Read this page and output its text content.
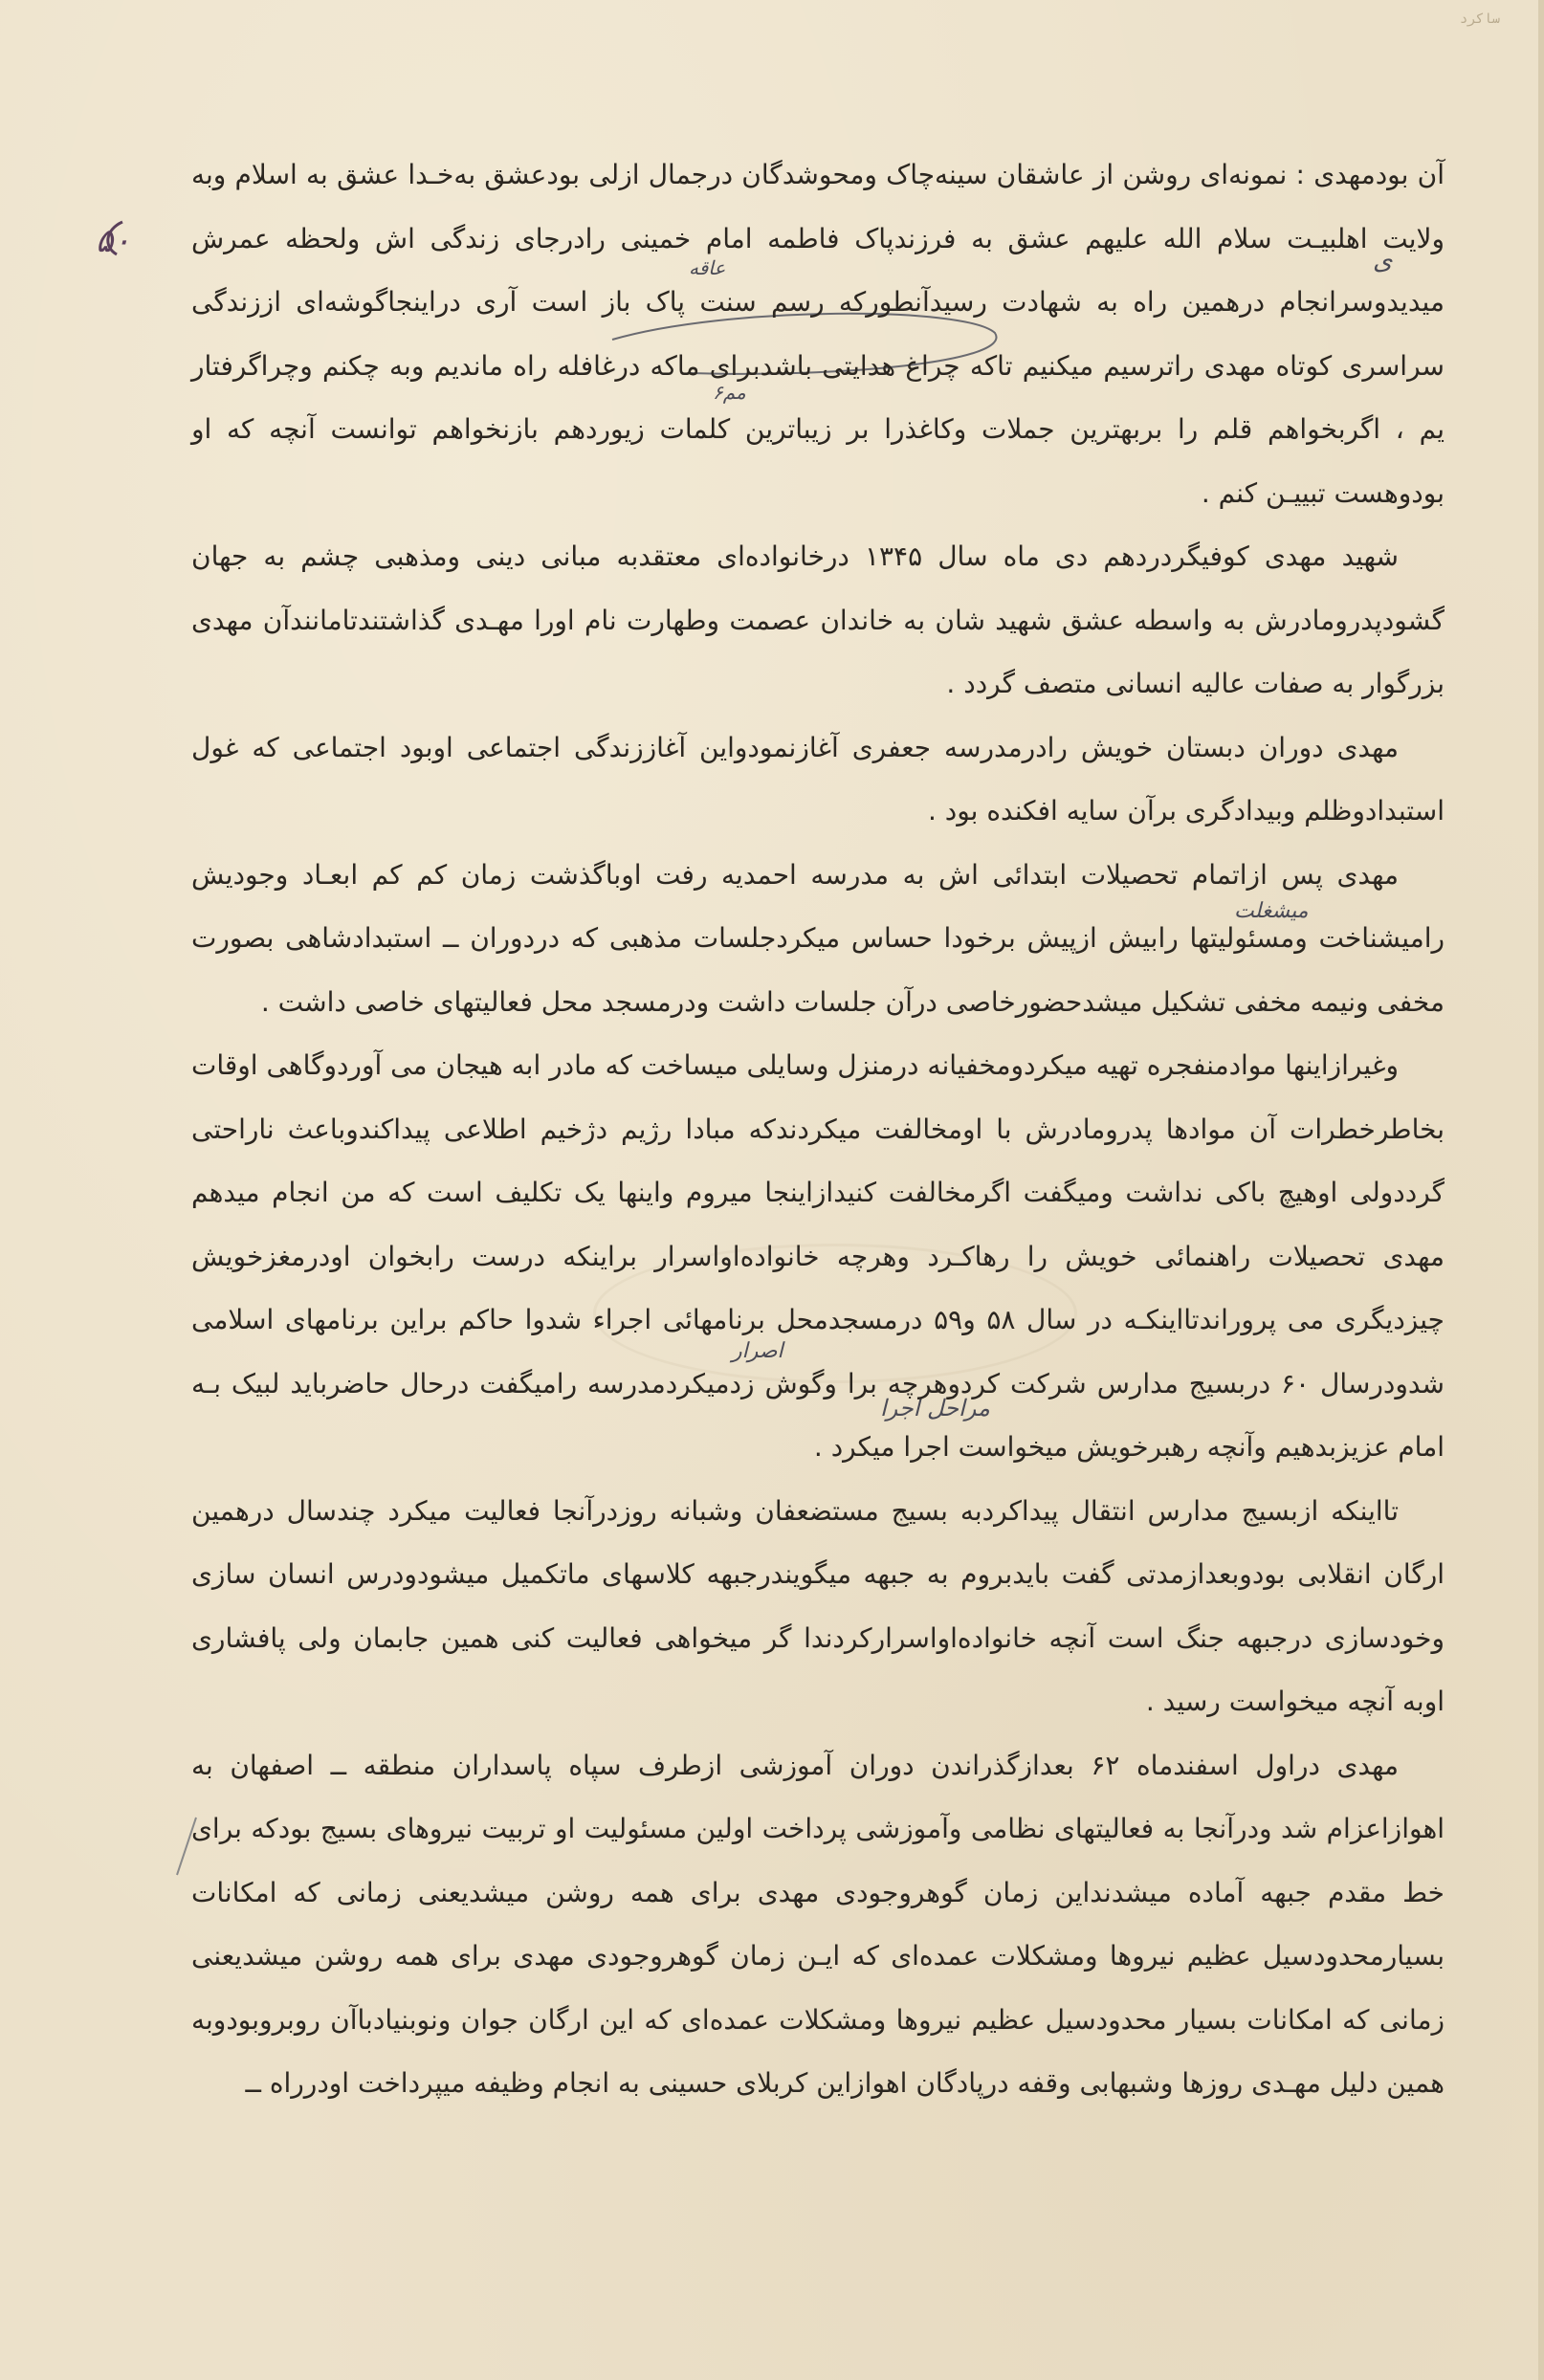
ساکرد
۵۰
ی
عاقه
۶مم
میشغلت
اصرار
مراحل اجرا

آن بودمهدی : نمونه‌ای روشن از عاشقان سینه‌چاک ومحوشدگان درجمال ازلی بودعشق به‌خـدا عشق به اسلام وبه ولایت اهلبیـت سلام الله علیهم عشق به فرزندپاک فاطمه امام خمینی رادرجای زندگی اش ولحظه عمرش میدیدوسرانجام درهمین راه به شهادت رسیدآنطورکه رسم سنت پاک باز است آری دراینجاگوشه‌ای اززندگی سراسری کوتاه مهدی راترسیم میکنیم تاکه چراغ هدایتی باشدبرای ماکه درغافله راه ماندیم وبه چکنم وچراگرفتار یم ، اگربخواهم قلم را بربهترین جملات وکاغذرا بر زیباترین کلمات زیوردهم بازنخواهم توانست آنچه که او بودوهست تبییـن کنم .

شهید مهدی کوفیگردردهم دی ماه سال ۱۳۴۵ درخانواده‌ای معتقدبه مبانی دینی ومذهبی چشم به جهان گشودپدرومادرش به واسطه عشق شهید شان به خاندان عصمت وطهارت نام اورا مهـدی گذاشتندتامانندآن مهدی بزرگوار به صفات عالیه انسانی متصف گردد .

مهدی دوران دبستان خویش رادرمدرسه جعفری آغازنمودواین آغاززندگی اجتماعی اوبود اجتماعی که غول استبدادوظلم وبیدادگری برآن سایه افکنده بود .

مهدی پس ازاتمام تحصیلات ابتدائی اش به مدرسه احمدیه رفت اوباگذشت زمان کم کم ابعـاد وجودیش رامیشناخت ومسئولیتها رابیش ازپیش برخودا حساس میکردجلسات مذهبی که دردوران ــ استبدادشاهی بصورت مخفی ونیمه مخفی تشکیل میشدحضورخاصی درآن جلسات داشت ودرمسجد محل فعالیتهای خاصی داشت .

وغیرازاینها موادمنفجره تهیه میکردومخفیانه درمنزل وسایلی میساخت که مادر ابه هیجان می آوردوگاهی اوقات بخاطرخطرات آن موادها پدرومادرش با اومخالفت میکردندکه مبادا رژیم دژخیم اطلاعی پیداکندوباعث ناراحتی گرددولی اوهیچ باکی نداشت ومیگفت اگرمخالفت کنیدازاینجا میروم واینها یک تکلیف است که من انجام میدهم مهدی تحصیلات راهنمائی خویش را رهاکـرد وهرچه خانواده‌اواسرار براینکه درست رابخوان اودرمغزخویش چیزدیگری می پروراندتااینکـه در سال ۵۸ و۵۹ درمسجدمحل برنامهائی اجراء شدوا حاکم براین برنامهای اسلامی شدودرسال ۶۰ دربسیج مدارس شرکت کردوهرچه برا وگوش زدمیکردمدرسه رامیگفت درحال حاضرباید لبیک بـه امام عزیزبدهیم وآنچه رهبرخویش میخواست اجرا میکرد .

تااینکه ازبسیج مدارس انتقال پیداکردبه بسیج مستضعفان وشبانه روزدرآنجا فعالیت میکرد چندسال درهمین ارگان انقلابی بودوبعدازمدتی گفت بایدبروم به جبهه میگویندرجبهه کلاسهای ماتکمیل میشودودرس انسان سازی وخودسازی درجبهه جنگ است آنچه خانواده‌اواسرارکردندا گر میخواهی فعالیت کنی همین جابمان ولی پافشاری اوبه آنچه میخواست رسید .

مهدی دراول اسفندماه ۶۲ بعدازگذراندن دوران آموزشی ازطرف سپاه پاسداران منطقه ــ اصفهان به اهوازاعزام شد ودرآنجا به فعالیتهای نظامی وآموزشی پرداخت اولین مسئولیت او تربیت نیروهای بسیج بودکه برای خط مقدم جبهه آماده میشدنداین زمان گوهروجودی مهدی برای همه روشن میشدیعنی زمانی که امکانات بسیارمحدودسیل عظیم نیروها ومشکلات عمده‌ای که ایـن زمان گوهروجودی مهدی برای همه روشن میشدیعنی زمانی که امکانات بسیار محدودسیل عظیم نیروها ومشکلات عمده‌ای که این ارگان جوان ونوبنیادباآن روبروبودوبه همین دلیل مهـدی روزها وشبهابی وقفه درپادگان اهوازاین کربلای حسینی به انجام وظیفه میپرداخت اودرراه ــ
